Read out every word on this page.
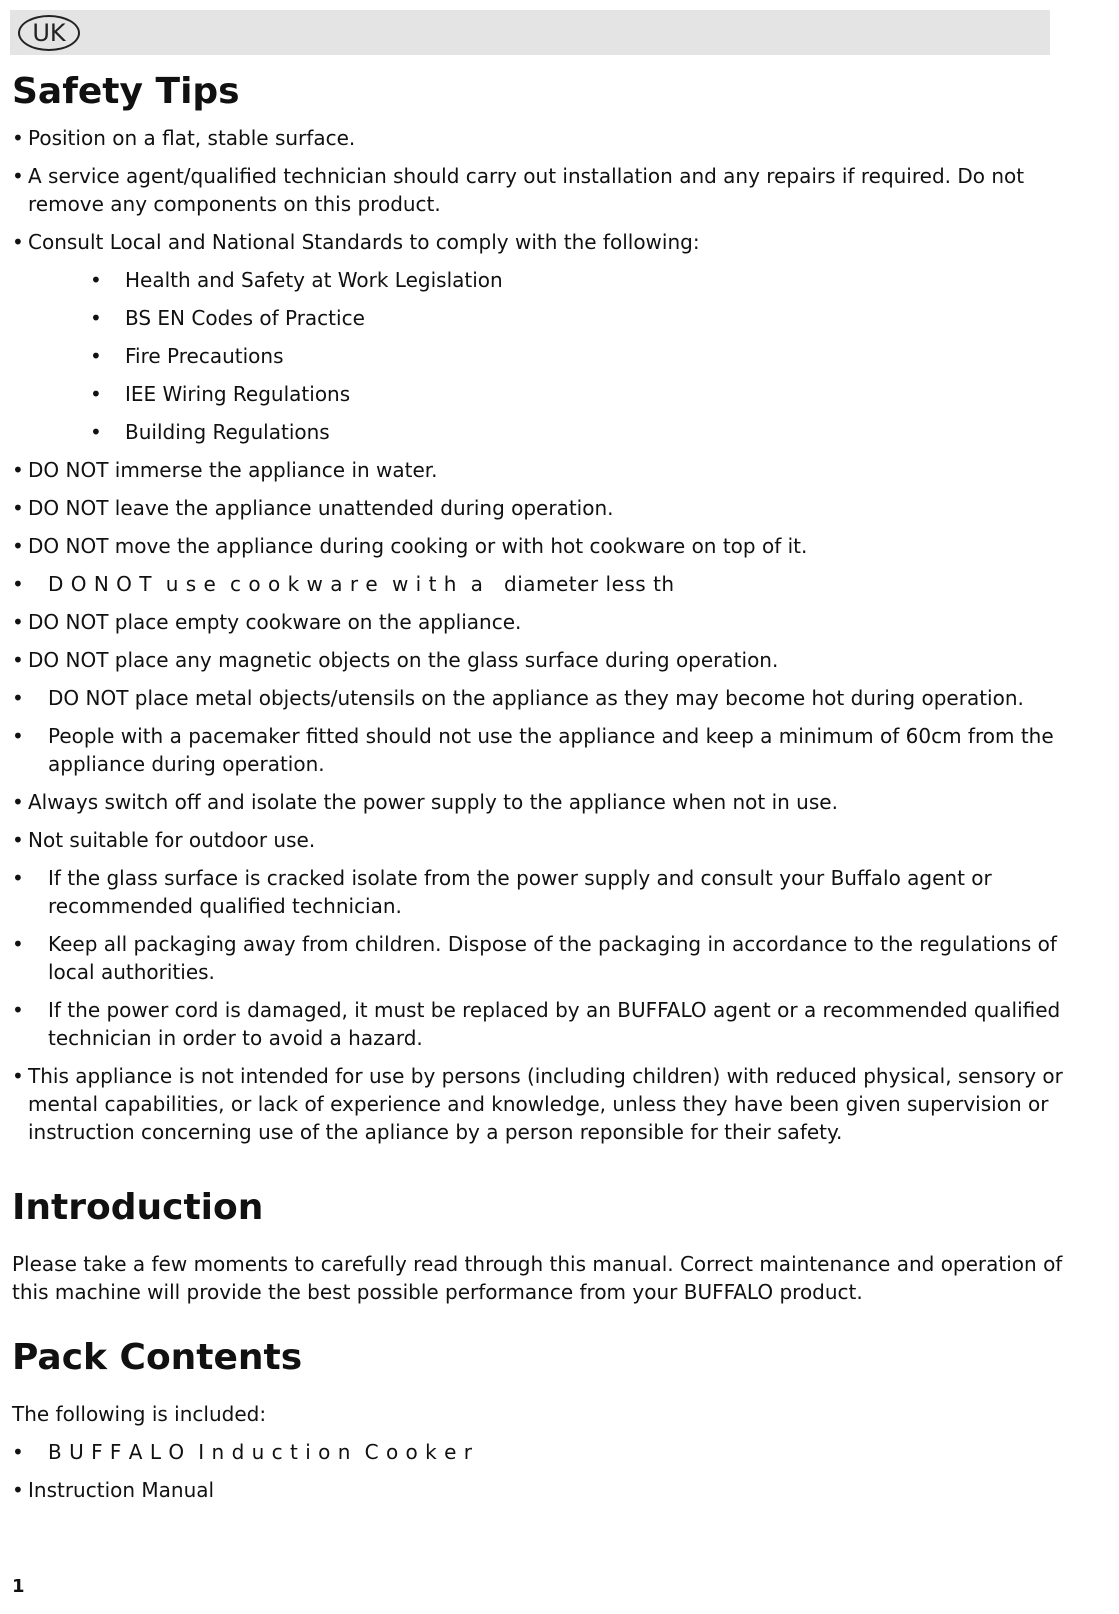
UK
Safety Tips
• Position on a flat, stable surface.
• A service agent/qualified technician should carry out installation and any repairs if required. Do not remove any components on this product.
• Consult Local and National Standards to comply with the following:
• Health and Safety at Work Legislation
• BS EN Codes of Practice
• Fire Precautions
• IEE Wiring Regulations
• Building Regulations
• DO NOT immerse the appliance in water.
• DO NOT leave the appliance unattended during operation.
• DO NOT move the appliance during cooking or with hot cookware on top of it.
• D O N O T  u s e  c o o k w a r e  w i t h  a   diameter less th
• DO NOT place empty cookware on the appliance.
• DO NOT place any magnetic objects on the glass surface during operation.
• DO NOT place metal objects/utensils on the appliance as they may become hot during operation.
• People with a pacemaker fitted should not use the appliance and keep a minimum of 60cm from the appliance during operation.
• Always switch off and isolate the power supply to the appliance when not in use.
• Not suitable for outdoor use.
• If the glass surface is cracked isolate from the power supply and consult your Buffalo agent or recommended qualified technician.
• Keep all packaging away from children. Dispose of the packaging in accordance to the regulations of local authorities.
• If the power cord is damaged, it must be replaced by an BUFFALO agent or a recommended qualified technician in order to avoid a hazard.
• This appliance is not intended for use by persons (including children) with reduced physical, sensory or mental capabilities, or lack of experience and knowledge, unless they have been given supervision or instruction concerning use of the apliance by a person reponsible for their safety.
Introduction

Please take a few moments to carefully read through this manual. Correct maintenance and operation of this machine will provide the best possible performance from your BUFFALO product.

Pack Contents

The following is included:

• B U F F A L O  I n d u c t i o n  C o o k e r
• Instruction Manual
1
